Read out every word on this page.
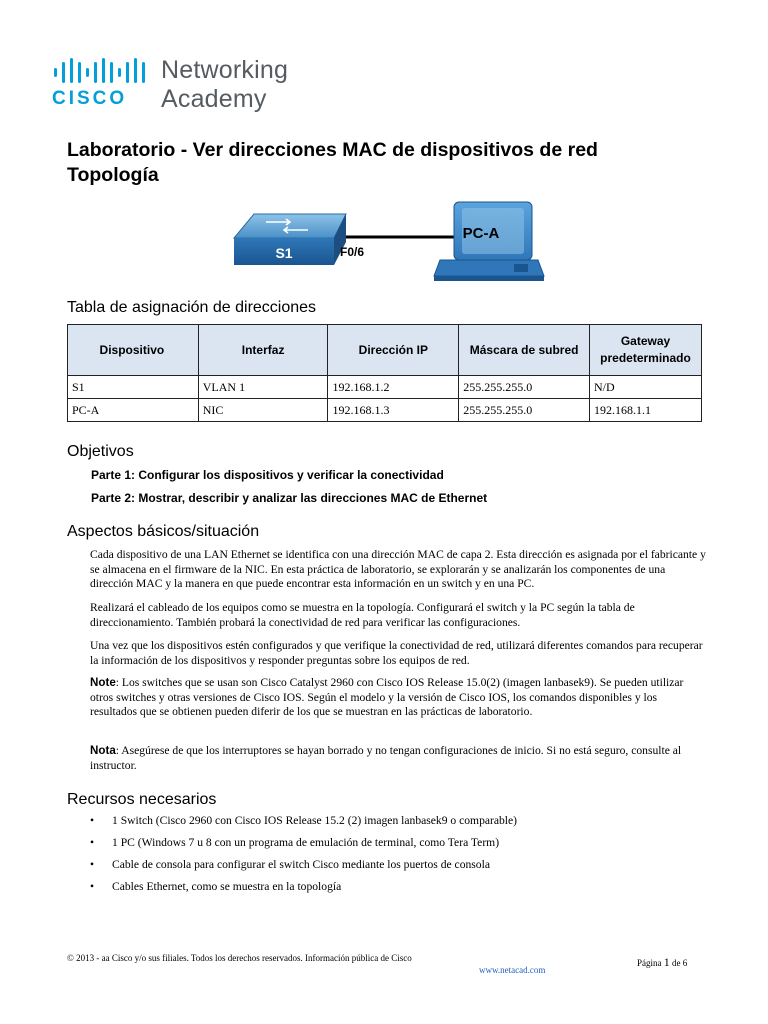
CISCO
Networking
Academy
Laboratorio - Ver direcciones MAC de dispositivos de red Topología
S1	F0/6
PC-A
Tabla de asignación de direcciones
Dispositivo	Interfaz	Dirección IP	Máscara de subred	Gateway predeterminado
S1	VLAN 1	192.168.1.2	255.255.255.0	N/D
PC-A	NIC	192.168.1.3	255.255.255.0	192.168.1.1
Objetivos

Parte 1: Configurar los dispositivos y verificar la conectividad

Parte 2: Mostrar, describir y analizar las direcciones MAC de Ethernet

Aspectos básicos/situación

Cada dispositivo de una LAN Ethernet se identifica con una dirección MAC de capa 2. Esta dirección es asignada por el fabricante y se almacena en el firmware de la NIC. En esta práctica de laboratorio, se explorarán y se analizarán los componentes de una dirección MAC y la manera en que puede encontrar esta información en un switch y en una PC.

Realizará el cableado de los equipos como se muestra en la topología. Configurará el switch y la PC según la tabla de direccionamiento. También probará la conectividad de red para verificar las configuraciones.

Una vez que los dispositivos estén configurados y que verifique la conectividad de red, utilizará diferentes comandos para recuperar la información de los dispositivos y responder preguntas sobre los equipos de red.

Note: Los switches que se usan son Cisco Catalyst 2960 con Cisco IOS Release 15.0(2) (imagen lanbasek9). Se pueden utilizar otros switches y otras versiones de Cisco IOS. Según el modelo y la versión de Cisco IOS, los comandos disponibles y los resultados que se obtienen pueden diferir de los que se muestran en las prácticas de laboratorio.

Nota: Asegúrese de que los interruptores se hayan borrado y no tengan configuraciones de inicio. Si no está seguro, consulte al instructor.

Recursos necesarios
• 1 Switch (Cisco 2960 con Cisco IOS Release 15.2 (2) imagen lanbasek9 o comparable)
• 1 PC (Windows 7 u 8 con un programa de emulación de terminal, como Tera Term)
• Cable de consola para configurar el switch Cisco mediante los puertos de consola
• Cables Ethernet, como se muestra en la topología
© 2013 - aa Cisco y/o sus filiales. Todos los derechos reservados. Información pública de Cisco
www.netacad.com
Página 1 de 6
